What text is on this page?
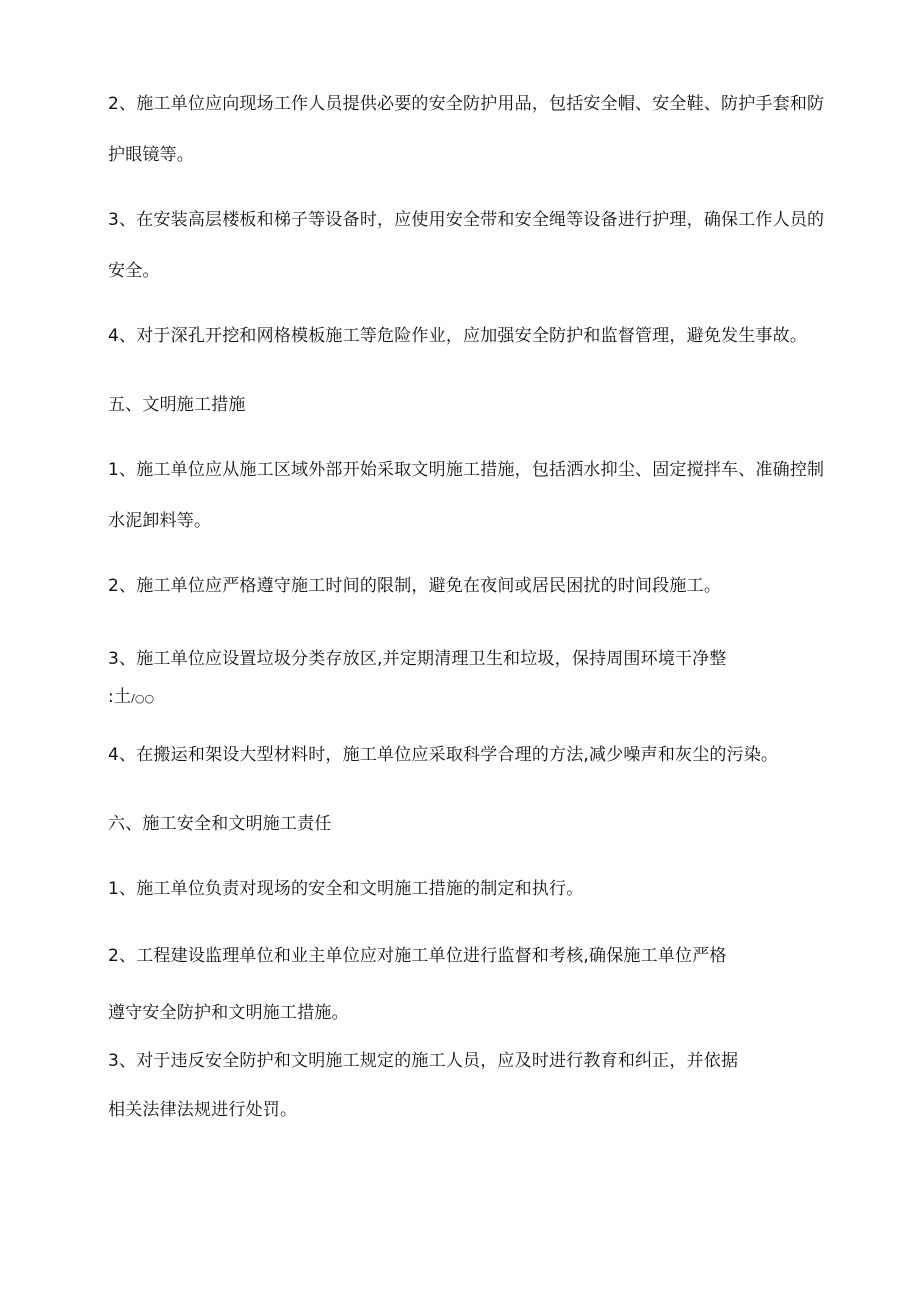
2、施工单位应向现场工作人员提供必要的安全防护用品，包括安全帽、安全鞋、防护手套和防
护眼镜等。
3、在安装高层楼板和梯子等设备时，应使用安全带和安全绳等设备进行护理，确保工作人员的
安全。
4、对于深孔开挖和网格模板施工等危险作业，应加强安全防护和监督管理，避免发生事故。
五、文明施工措施
1、施工单位应从施工区域外部开始采取文明施工措施，包括洒水抑尘、固定搅拌车、准确控制
水泥卸料等。
2、施工单位应严格遵守施工时间的限制，避免在夜间或居民困扰的时间段施工。
3、施工单位应设置垃圾分类存放区,并定期清理卫生和垃圾，保持周围环境干净整
:土/○○
4、在搬运和架设大型材料时，施工单位应采取科学合理的方法,减少噪声和灰尘的污染。
六、施工安全和文明施工责任
1、施工单位负责对现场的安全和文明施工措施的制定和执行。
2、工程建设监理单位和业主单位应对施工单位进行监督和考核,确保施工单位严格
遵守安全防护和文明施工措施。
3、对于违反安全防护和文明施工规定的施工人员，应及时进行教育和纠正，并依据
相关法律法规进行处罚。
